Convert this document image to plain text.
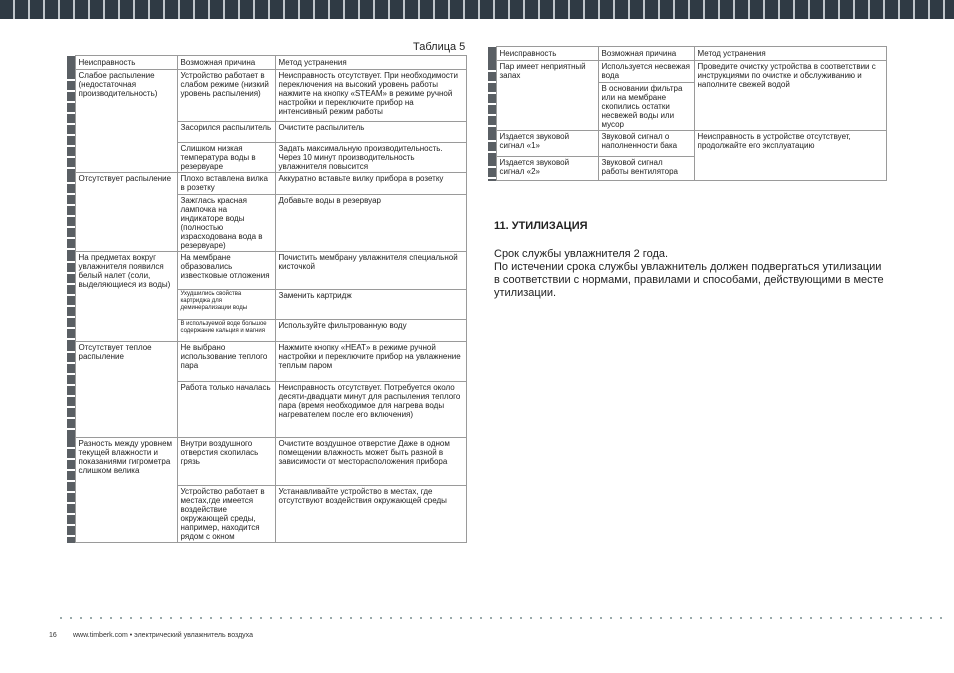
Таблица 5
	Неисправность	Возможная причина	Метод устранения
	Слабое распыление (недостаточная производительность)	Устройство работает в слабом режиме (низкий уровень распыления)	Неисправность отсутствует. При необходимости переключения на высокий уровень работы нажмите на кнопку «STEAM» в режиме ручной настройки и переключите прибор на интенсивный режим работы
		Засорился распылитель	Очистите распылитель
		Слишком низкая температура воды в резервуаре	Задать максимальную производительность. Через 10 минут производительность увлажнителя повысится
	Отсутствует распыление	Плохо вставлена вилка в розетку	Аккуратно вставьте вилку прибора в розетку
		Зажглась красная лампочка на индикаторе воды (полностью израсходована вода в резервуаре)	Добавьте воды в резервуар
	На предметах вокруг увлажнителя появился белый налет (соли, выделяющиеся из воды)	На мембране образовались известковые отложения	Почистить мембрану увлажнителя специальной кисточкой
		Ухудшились свойства картриджа для деминерализации воды	Заменить картридж
		В используемой воде большое содержание кальция и магния	Используйте фильтрованную воду
	Отсутствует теплое распыление	Не выбрано использование теплого пара	Нажмите кнопку «HEAT» в режиме ручной настройки и переключите прибор на увлажнение теплым паром
		Работа только началась	Неисправность отсутствует. Потребуется около десяти-двадцати минут для распыления теплого пара (время необходимое для нагрева воды нагревателем после его включения)
	Разность между уровнем текущей влажности и показаниями гигрометра слишком велика	Внутри воздушного отверстия скопилась грязь	Очистите воздушное отверстие Даже в одном помещении влажность может быть разной в зависимости от месторасположения прибора
		Устройство работает в местах,где имеется воздействие окружающей среды, например, находится рядом с окном	Устанавливайте устройство в местах, где отсутствуют воздействия окружающей среды
	Неисправность	Возможная причина	Метод устранения
	Пар имеет неприятный запах	Используется несвежая вода	Проведите очистку устройства в соответствии с инструкциями по очистке и обслуживанию и наполните свежей водой
		В основании фильтра или на мембране скопились остатки несвежей воды или мусор	
	Издается звуковой сигнал «1»	Звуковой сигнал о наполненности бака	Неисправность в устройстве отсутствует, продолжайте его эксплуатацию
	Издается звуковой сигнал «2»	Звуковой сигнал работы вентилятора	
11. УТИЛИЗАЦИЯ
Срок службы увлажнителя 2 года.
По истечении срока службы увлажнитель должен подвергаться утилизации в соответствии с нормами, правилами и способами, действующими в месте утилизации.
16 www.timberk.com • электрический увлажнитель воздуха
